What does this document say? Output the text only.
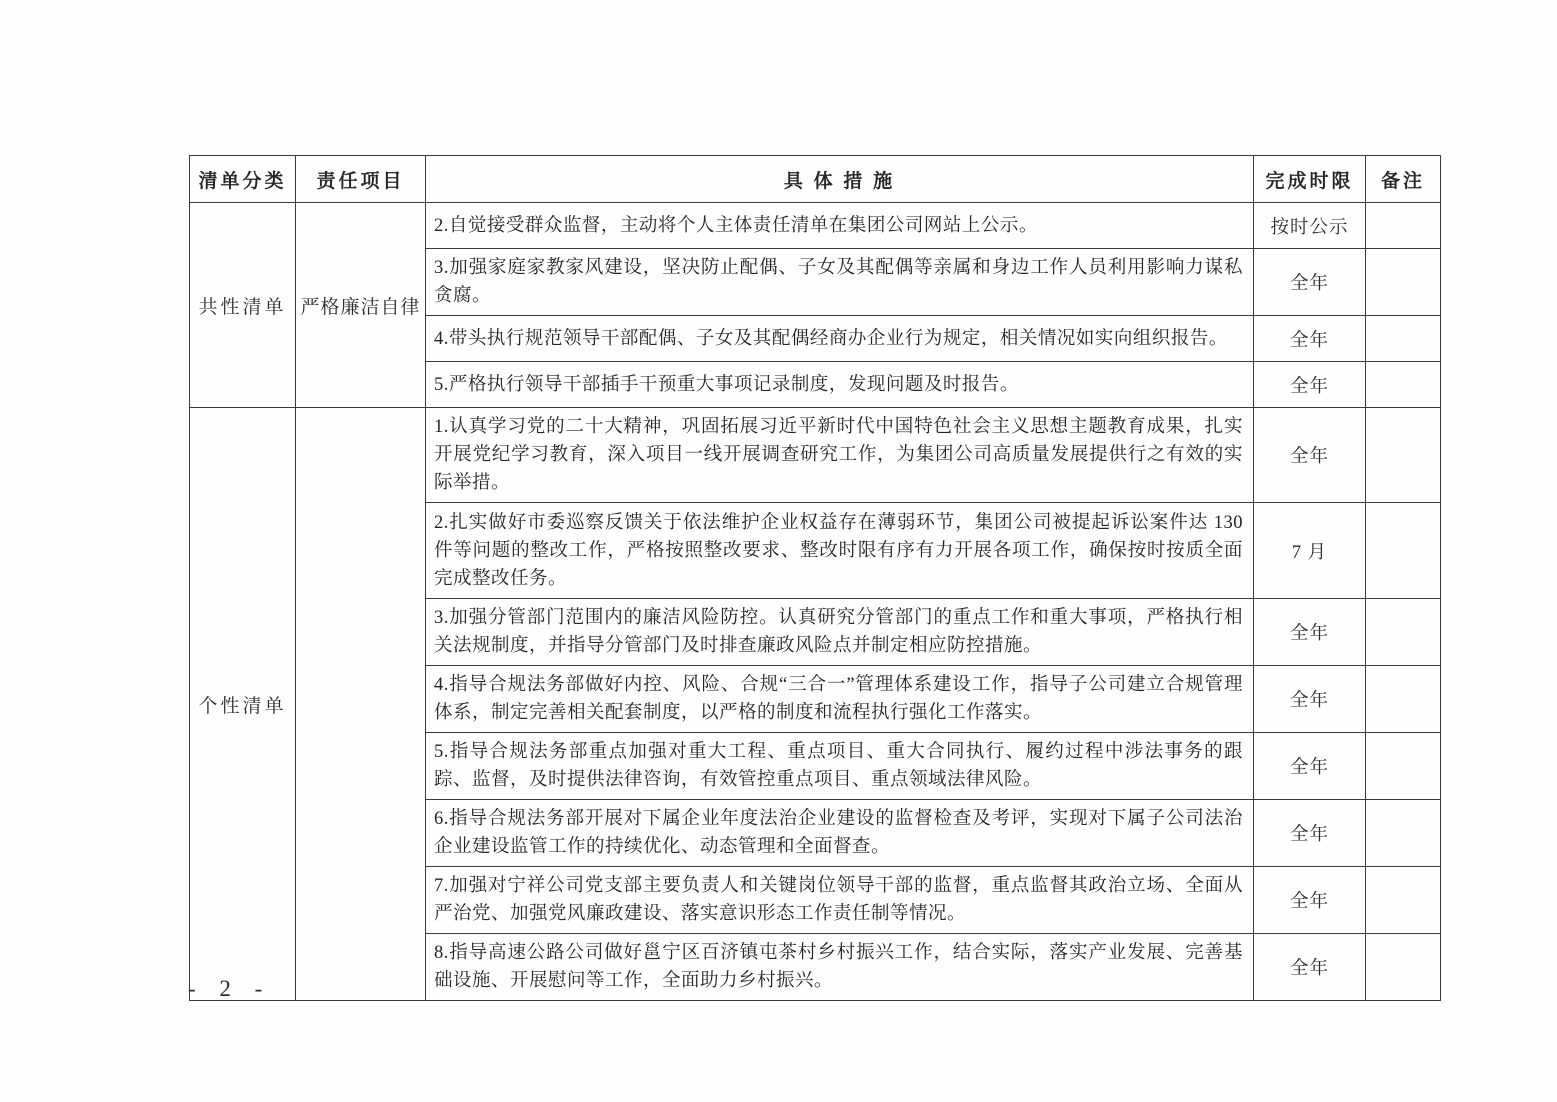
清单分类	责任项目	具 体 措 施	完成时限	备注
共性清单	严格廉洁自律	2.自觉接受群众监督，主动将个人主体责任清单在集团公司网站上公示。	按时公示	
		3.加强家庭家教家风建设，坚决防止配偶、子女及其配偶等亲属和身边工作人员利用影响力谋私贪腐。	全年	
		4.带头执行规范领导干部配偶、子女及其配偶经商办企业行为规定，相关情况如实向组织报告。	全年	
		5.严格执行领导干部插手干预重大事项记录制度，发现问题及时报告。	全年	
个性清单		1.认真学习党的二十大精神，巩固拓展习近平新时代中国特色社会主义思想主题教育成果，扎实开展党纪学习教育，深入项目一线开展调查研究工作，为集团公司高质量发展提供行之有效的实际举措。	全年	
		2.扎实做好市委巡察反馈关于依法维护企业权益存在薄弱环节，集团公司被提起诉讼案件达 130 件等问题的整改工作，严格按照整改要求、整改时限有序有力开展各项工作，确保按时按质全面完成整改任务。	7 月	
		3.加强分管部门范围内的廉洁风险防控。认真研究分管部门的重点工作和重大事项，严格执行相关法规制度，并指导分管部门及时排查廉政风险点并制定相应防控措施。	全年	
		4.指导合规法务部做好内控、风险、合规“三合一”管理体系建设工作，指导子公司建立合规管理体系，制定完善相关配套制度，以严格的制度和流程执行强化工作落实。	全年	
		5.指导合规法务部重点加强对重大工程、重点项目、重大合同执行、履约过程中涉法事务的跟踪、监督，及时提供法律咨询，有效管控重点项目、重点领域法律风险。	全年	
		6.指导合规法务部开展对下属企业年度法治企业建设的监督检查及考评，实现对下属子公司法治企业建设监管工作的持续优化、动态管理和全面督查。	全年	
		7.加强对宁祥公司党支部主要负责人和关键岗位领导干部的监督，重点监督其政治立场、全面从严治党、加强党风廉政建设、落实意识形态工作责任制等情况。	全年	
		8.指导高速公路公司做好邕宁区百济镇屯茶村乡村振兴工作，结合实际，落实产业发展、完善基础设施、开展慰问等工作，全面助力乡村振兴。	全年	
- 2 -
